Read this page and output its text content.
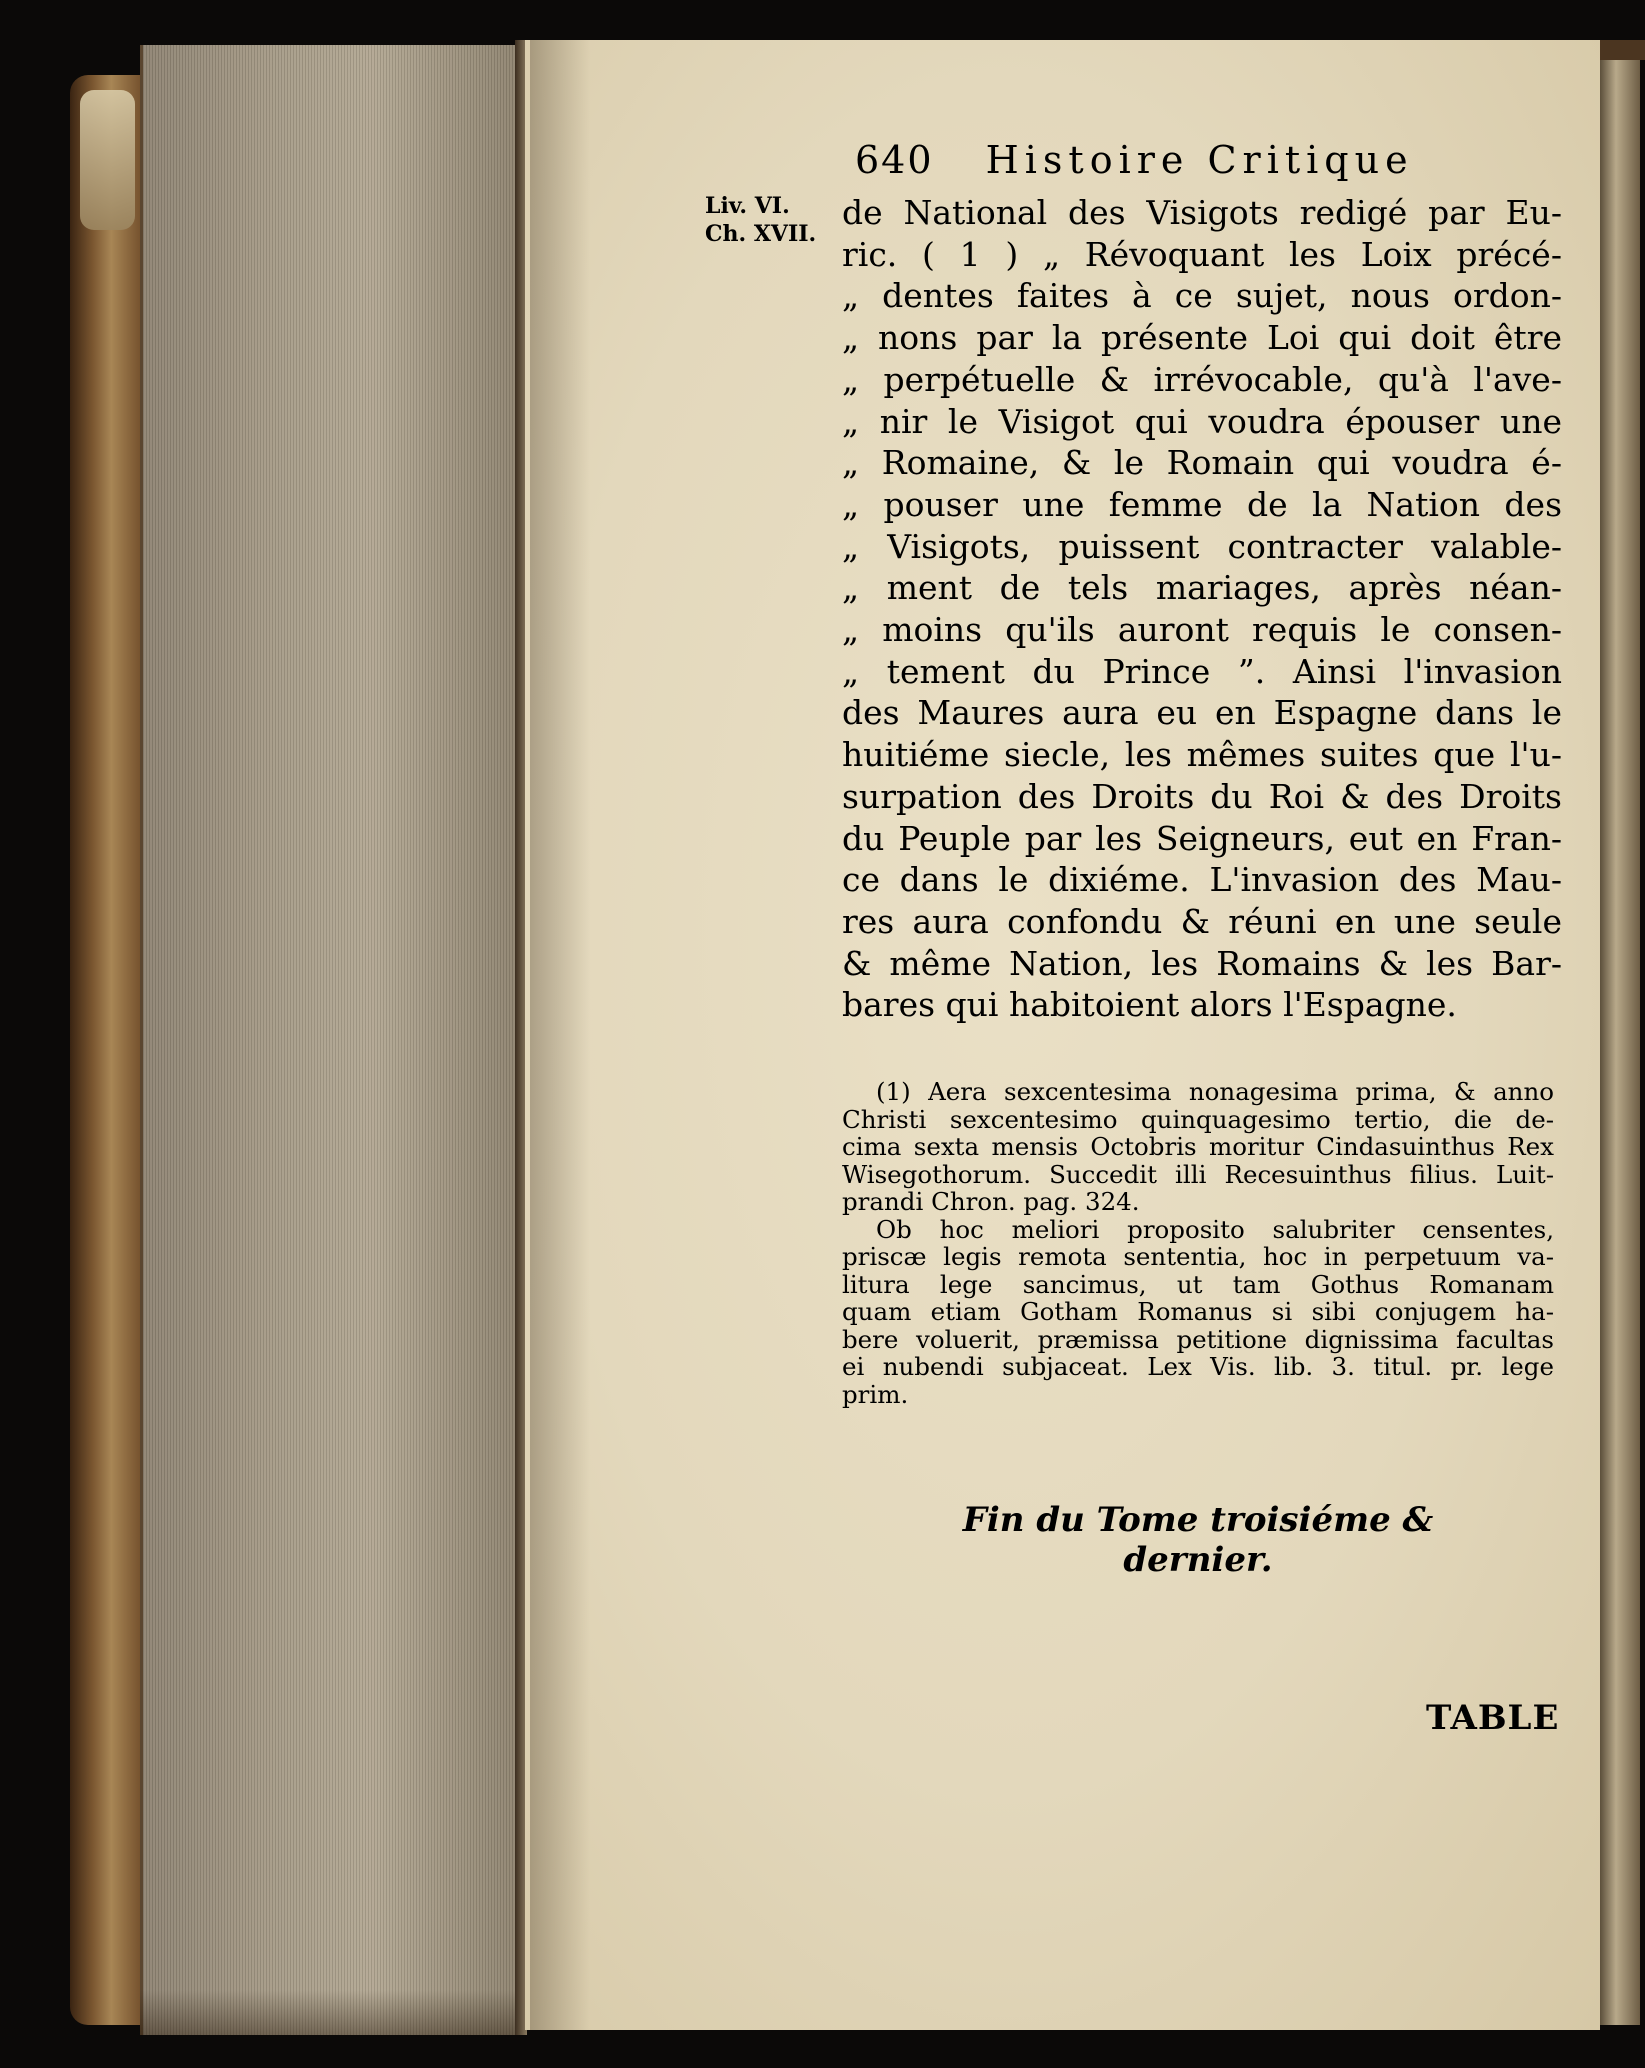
640 Histoire Critique
Liv. VI.
Ch. XVII.
de National des Visigots redigé par Eu-
ric. ( 1 ) „ Révoquant les Loix précé-
„ dentes faites à ce sujet, nous ordon-
„ nons par la présente Loi qui doit être
„ perpétuelle & irrévocable, qu'à l'ave-
„ nir le Visigot qui voudra épouser une
„ Romaine, & le Romain qui voudra é-
„ pouser une femme de la Nation des
„ Visigots, puissent contracter valable-
„ ment de tels mariages, après néan-
„ moins qu'ils auront requis le consen-
„ tement du Prince ”. Ainsi l'invasion
des Maures aura eu en Espagne dans le
huitiéme siecle, les mêmes suites que l'u-
surpation des Droits du Roi & des Droits
du Peuple par les Seigneurs, eut en Fran-
ce dans le dixiéme. L'invasion des Mau-
res aura confondu & réuni en une seule
& même Nation, les Romains & les Bar-
bares qui habitoient alors l'Espagne.
(1) Aera sexcentesima nonagesima prima, & anno
Christi sexcentesimo quinquagesimo tertio, die de-
cima sexta mensis Octobris moritur Cindasuinthus Rex
Wisegothorum. Succedit illi Recesuinthus filius. Luit-
prandi Chron. pag. 324.
Ob hoc meliori proposito salubriter censentes,
priscæ legis remota sententia, hoc in perpetuum va-
litura lege sancimus, ut tam Gothus Romanam
quam etiam Gotham Romanus si sibi conjugem ha-
bere voluerit, præmissa petitione dignissima facultas
ei nubendi subjaceat. Lex Vis. lib. 3. titul. pr. lege
prim.
Fin du Tome troisiéme & dernier.
TABLE
